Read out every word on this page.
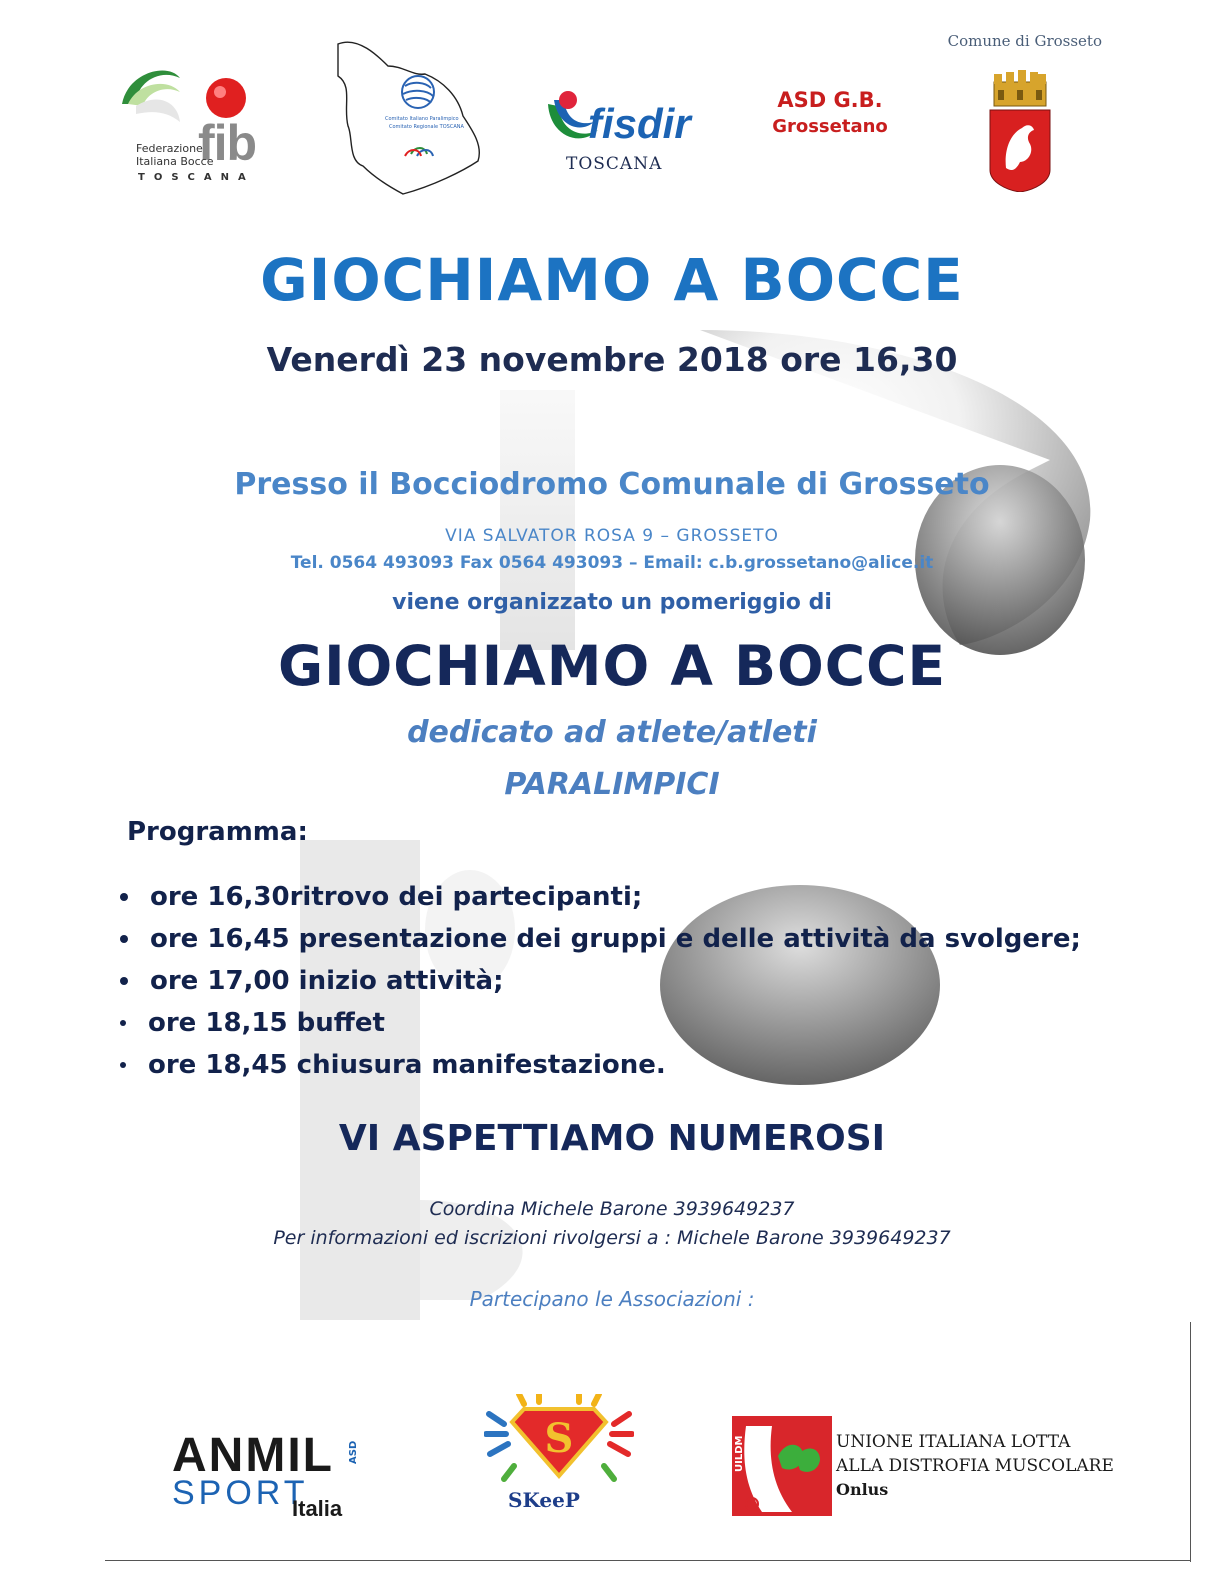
fib
Federazione
Italiana Bocce
TOSCANA
Comitato Italiano Paralimpico
Comitato Regionale TOSCANA	fisdir
TOSCANA
ASD G.B.
Grossetano
Comune di Grosseto
GIOCHIAMO A BOCCE
Venerdì 23 novembre 2018 ore 16,30
Presso il Bocciodromo Comunale di Grosseto
VIA SALVATOR ROSA 9 – GROSSETO
Tel. 0564 493093 Fax 0564 493093 – Email: c.b.grossetano@alice.it
viene organizzato un pomeriggio di
GIOCHIAMO A BOCCE
dedicato ad atlete/atleti
PARALIMPICI
Programma:
ore 16,30ritrovo dei partecipanti;
ore 16,45 presentazione dei gruppi e delle attività da svolgere;
ore 17,00 inizio attività;
ore 18,15 buffet
ore 18,45 chiusura manifestazione.
VI ASPETTIAMO NUMEROSI
Coordina Michele Barone 3939649237
Per informazioni ed iscrizioni rivolgersi a : Michele Barone 3939649237
Partecipano le Associazioni :
ANMIL ASD
SPORT
Italia
S
SKeeP
UILDM	UNIONE ITALIANA LOTTA
ALLA DISTROFIA MUSCOLARE
Onlus
